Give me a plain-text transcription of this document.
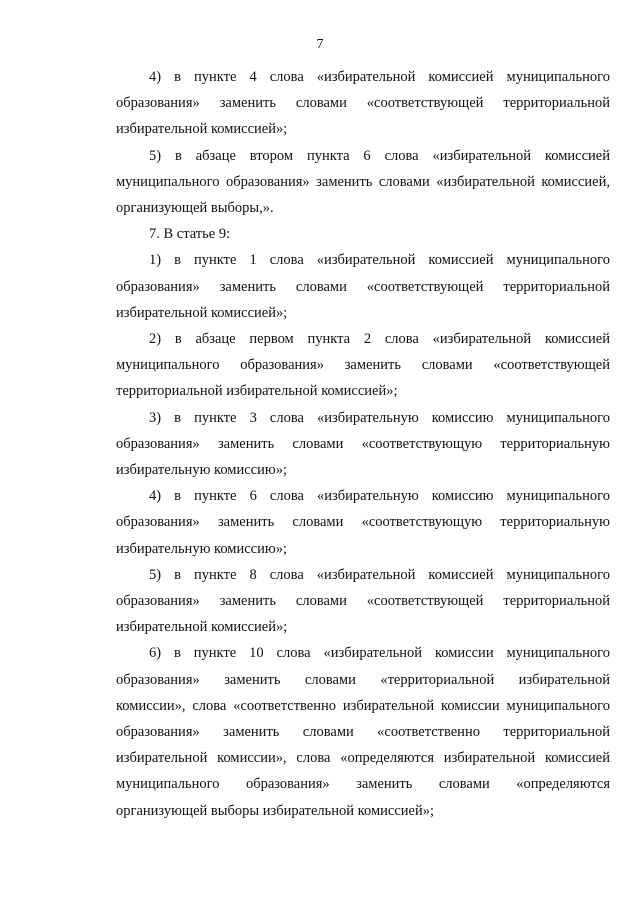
7

4) в пункте 4 слова «избирательной комиссией муниципального
образования» заменить словами «соответствующей территориальной
избирательной комиссией»;

5) в абзаце втором пункта 6 слова «избирательной комиссией
муниципального образования» заменить словами «избирательной комиссией,
организующей выборы,».

7. В статье 9:

1) в пункте 1 слова «избирательной комиссией муниципального
образования» заменить словами «соответствующей территориальной
избирательной комиссией»;

2) в абзаце первом пункта 2 слова «избирательной комиссией
муниципального образования» заменить словами «соответствующей
территориальной избирательной комиссией»;

3) в пункте 3 слова «избирательную комиссию муниципального
образования» заменить словами «соответствующую территориальную
избирательную комиссию»;

4) в пункте 6 слова «избирательную комиссию муниципального
образования» заменить словами «соответствующую территориальную
избирательную комиссию»;

5) в пункте 8 слова «избирательной комиссией муниципального
образования» заменить словами «соответствующей территориальной
избирательной комиссией»;

6) в пункте 10 слова «избирательной комиссии муниципального
образования» заменить словами «территориальной избирательной
комиссии», слова «соответственно избирательной комиссии муниципального
образования» заменить словами «соответственно территориальной
избирательной комиссии», слова «определяются избирательной комиссией
муниципального образования» заменить словами «определяются
организующей выборы избирательной комиссией»;
